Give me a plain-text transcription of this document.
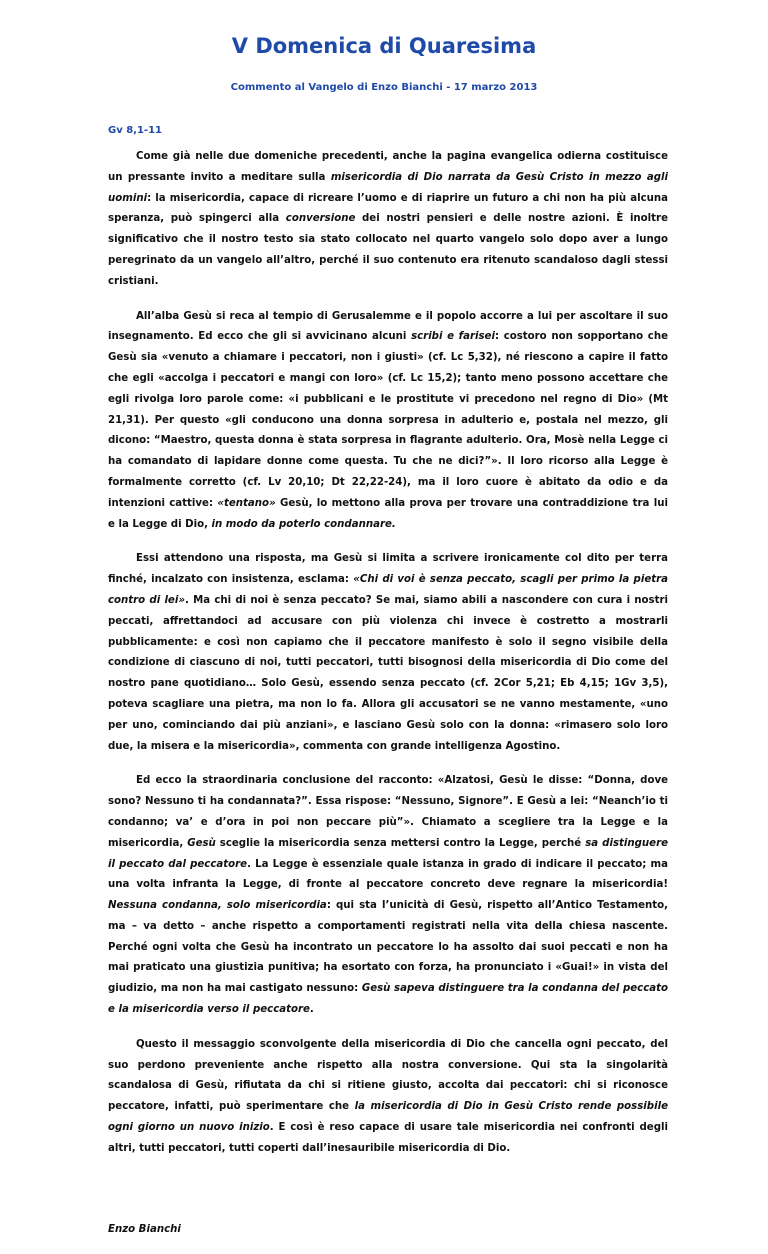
V Domenica di Quaresima
Commento al Vangelo di Enzo Bianchi - 17 marzo 2013
Gv 8,1-11

Come già nelle due domeniche precedenti, anche la pagina evangelica odierna costituisce un pressante invito a meditare sulla misericordia di Dio narrata da Gesù Cristo in mezzo agli uomini: la misericordia, capace di ricreare l’uomo e di riaprire un futuro a chi non ha più alcuna speranza, può spingerci alla conversione dei nostri pensieri e delle nostre azioni. È inoltre significativo che il nostro testo sia stato collocato nel quarto vangelo solo dopo aver a lungo peregrinato da un vangelo all’altro, perché il suo contenuto era ritenuto scandaloso dagli stessi cristiani.

All’alba Gesù si reca al tempio di Gerusalemme e il popolo accorre a lui per ascoltare il suo insegnamento. Ed ecco che gli si avvicinano alcuni scribi e farisei: costoro non sopportano che Gesù sia «venuto a chiamare i peccatori, non i giusti» (cf. Lc 5,32), né riescono a capire il fatto che egli «accolga i peccatori e mangi con loro» (cf. Lc 15,2); tanto meno possono accettare che egli rivolga loro parole come: «i pubblicani e le prostitute vi precedono nel regno di Dio» (Mt 21,31). Per questo «gli conducono una donna sorpresa in adulterio e, postala nel mezzo, gli dicono: “Maestro, questa donna è stata sorpresa in flagrante adulterio. Ora, Mosè nella Legge ci ha comandato di lapidare donne come questa. Tu che ne dici?”». Il loro ricorso alla Legge è formalmente corretto (cf. Lv 20,10; Dt 22,22-24), ma il loro cuore è abitato da odio e da intenzioni cattive: «tentano» Gesù, lo mettono alla prova per trovare una contraddizione tra lui e la Legge di Dio, in modo da poterlo condannare.

Essi attendono una risposta, ma Gesù si limita a scrivere ironicamente col dito per terra finché, incalzato con insistenza, esclama: «Chi di voi è senza peccato, scagli per primo la pietra contro di lei». Ma chi di noi è senza peccato? Se mai, siamo abili a nascondere con cura i nostri peccati, affrettandoci ad accusare con più violenza chi invece è costretto a mostrarli pubblicamente: e così non capiamo che il peccatore manifesto è solo il segno visibile della condizione di ciascuno di noi, tutti peccatori, tutti bisognosi della misericordia di Dio come del nostro pane quotidiano… Solo Gesù, essendo senza peccato (cf. 2Cor 5,21; Eb 4,15; 1Gv 3,5), poteva scagliare una pietra, ma non lo fa. Allora gli accusatori se ne vanno mestamente, «uno per uno, cominciando dai più anziani», e lasciano Gesù solo con la donna: «rimasero solo loro due, la misera e la misericordia», commenta con grande intelligenza Agostino.

Ed ecco la straordinaria conclusione del racconto: «Alzatosi, Gesù le disse: “Donna, dove sono? Nessuno ti ha condannata?”. Essa rispose: “Nessuno, Signore”. E Gesù a lei: “Neanch’io ti condanno; va’ e d’ora in poi non peccare più”». Chiamato a scegliere tra la Legge e la misericordia, Gesù sceglie la misericordia senza mettersi contro la Legge, perché sa distinguere il peccato dal peccatore. La Legge è essenziale quale istanza in grado di indicare il peccato; ma una volta infranta la Legge, di fronte al peccatore concreto deve regnare la misericordia! Nessuna condanna, solo misericordia: qui sta l’unicità di Gesù, rispetto all’Antico Testamento, ma – va detto – anche rispetto a comportamenti registrati nella vita della chiesa nascente. Perché ogni volta che Gesù ha incontrato un peccatore lo ha assolto dai suoi peccati e non ha mai praticato una giustizia punitiva; ha esortato con forza, ha pronunciato i «Guai!» in vista del giudizio, ma non ha mai castigato nessuno: Gesù sapeva distinguere tra la condanna del peccato e la misericordia verso il peccatore.

Questo il messaggio sconvolgente della misericordia di Dio che cancella ogni peccato, del suo perdono preveniente anche rispetto alla nostra conversione. Qui sta la singolarità scandalosa di Gesù, rifiutata da chi si ritiene giusto, accolta dai peccatori: chi si riconosce peccatore, infatti, può sperimentare che la misericordia di Dio in Gesù Cristo rende possibile ogni giorno un nuovo inizio. E così è reso capace di usare tale misericordia nei confronti degli altri, tutti peccatori, tutti coperti dall’inesauribile misericordia di Dio.

Enzo Bianchi
